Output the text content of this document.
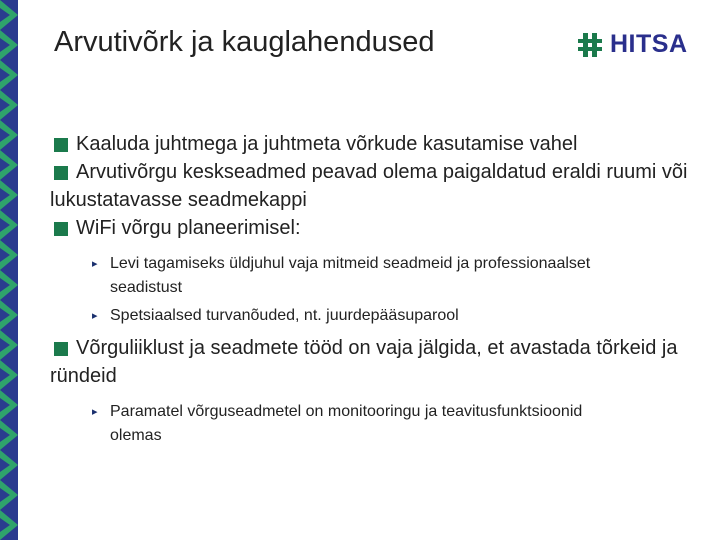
Arvutivõrk ja kauglahendused	HITSA

Kaaluda juhtmega ja juhtmeta võrkude kasutamise vahel

Arvutivõrgu keskseadmed peavad olema paigaldatud eraldi ruumi või lukustatavasse seadmekappi

WiFi võrgu planeerimisel:

▸ Levi tagamiseks üldjuhul vaja mitmeid seadmeid ja professionaalset seadistust

▸ Spetsiaalsed turvanõuded, nt. juurdepääsuparool

Võrguliiklust ja seadmete tööd on vaja jälgida, et avastada tõrkeid ja ründeid

▸ Paramatel võrguseadmetel on monitooringu ja teavitusfunktsioonid olemas
